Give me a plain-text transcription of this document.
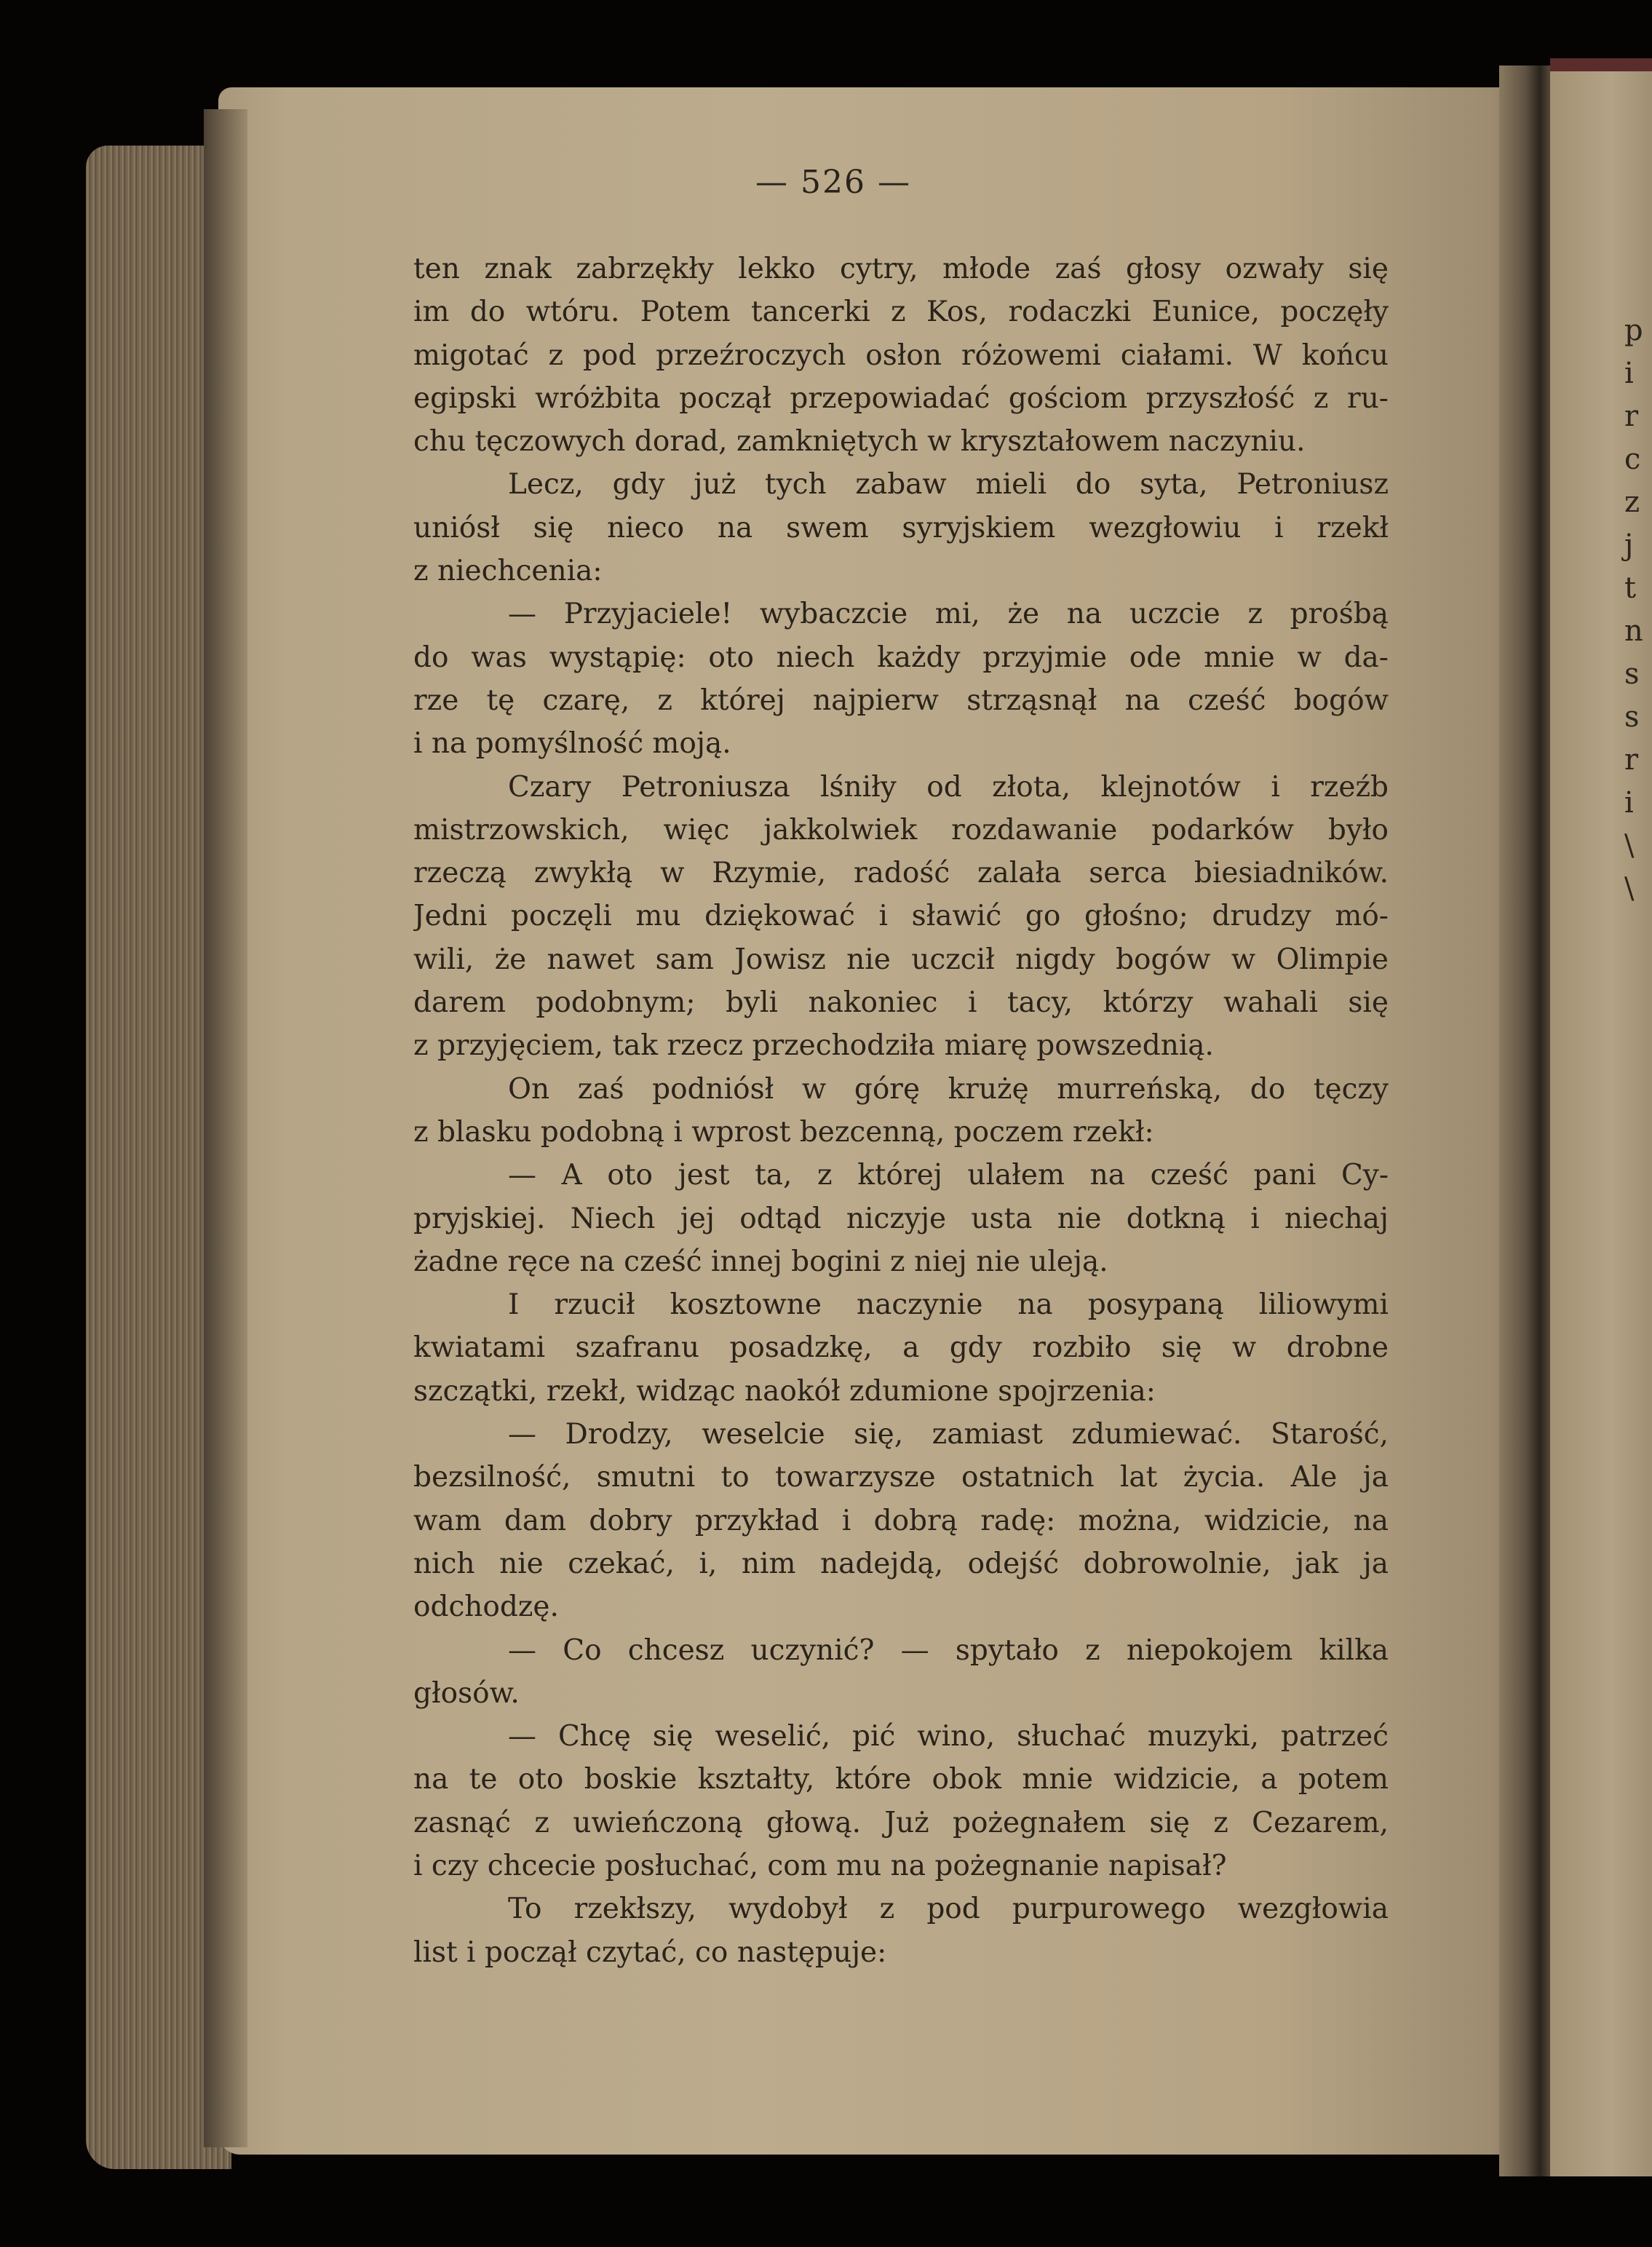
p
i
r
c
z
j
t
n
s
s
r
i
\
\
— 526 —
ten znak zabrzękły lekko cytry, młode zaś głosy ozwały się
im do wtóru. Potem tancerki z Kos, rodaczki Eunice, poczęły
migotać z pod przeźroczych osłon różowemi ciałami. W końcu
egipski wróżbita począł przepowiadać gościom przyszłość z ru-
chu tęczowych dorad, zamkniętych w kryształowem naczyniu.
Lecz, gdy już tych zabaw mieli do syta, Petroniusz
uniósł się nieco na swem syryjskiem wezgłowiu i rzekł
z niechcenia:
— Przyjaciele! wybaczcie mi, że na uczcie z prośbą
do was wystąpię: oto niech każdy przyjmie ode mnie w da-
rze tę czarę, z której najpierw strząsnął na cześć bogów
i na pomyślność moją.
Czary Petroniusza lśniły od złota, klejnotów i rzeźb
mistrzowskich, więc jakkolwiek rozdawanie podarków było
rzeczą zwykłą w Rzymie, radość zalała serca biesiadników.
Jedni poczęli mu dziękować i sławić go głośno; drudzy mó-
wili, że nawet sam Jowisz nie uczcił nigdy bogów w Olimpie
darem podobnym; byli nakoniec i tacy, którzy wahali się
z przyjęciem, tak rzecz przechodziła miarę powszednią.
On zaś podniósł w górę krużę murreńską, do tęczy
z blasku podobną i wprost bezcenną, poczem rzekł:
— A oto jest ta, z której ulałem na cześć pani Cy-
pryjskiej. Niech jej odtąd niczyje usta nie dotkną i niechaj
żadne ręce na cześć innej bogini z niej nie uleją.
I rzucił kosztowne naczynie na posypaną liliowymi
kwiatami szafranu posadzkę, a gdy rozbiło się w drobne
szczątki, rzekł, widząc naokół zdumione spojrzenia:
— Drodzy, weselcie się, zamiast zdumiewać. Starość,
bezsilność, smutni to towarzysze ostatnich lat życia. Ale ja
wam dam dobry przykład i dobrą radę: można, widzicie, na
nich nie czekać, i, nim nadejdą, odejść dobrowolnie, jak ja
odchodzę.
— Co chcesz uczynić? — spytało z niepokojem kilka
głosów.
— Chcę się weselić, pić wino, słuchać muzyki, patrzeć
na te oto boskie kształty, które obok mnie widzicie, a potem
zasnąć z uwieńczoną głową. Już pożegnałem się z Cezarem,
i czy chcecie posłuchać, com mu na pożegnanie napisał?
To rzekłszy, wydobył z pod purpurowego wezgłowia
list i począł czytać, co następuje:
